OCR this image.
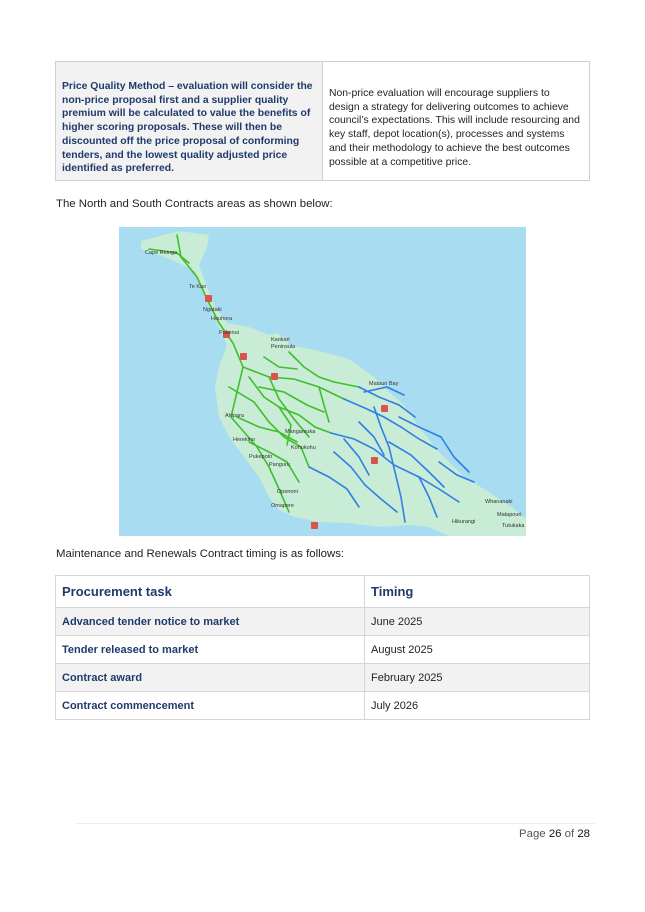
Price Quality Method – evaluation will consider the non-price proposal first and a supplier quality premium will be calculated to value the benefits of higher scoring proposals. These will then be discounted off the price proposal of conforming tenders, and the lowest quality adjusted price identified as preferred.
Non-price evaluation will encourage suppliers to design a strategy for delivering outcomes to achieve council’s expectations. This will include resourcing and key staff, depot location(s), processes and systems and their methodology to achieve the best outcomes possible at a competitive price.
The North and South Contracts areas as shown below:
Cape Reinga
Te Kao
Ngataki
Houhora
Pukenui
Karikari Peninsula
Matauri Bay
Ahipara
Herekino
Mangamuka
Pukepoto
Kohukohu
Panguru
Opononi
Omapere
Whananaki
Matapouri
Hikurangi
Tutukaka
Maintenance and Renewals Contract timing is as follows:
Procurement task	Timing
Advanced tender notice to market	June 2025
Tender released to market	August 2025
Contract award	February 2025
Contract commencement	July 2026
Page 26 of 28
